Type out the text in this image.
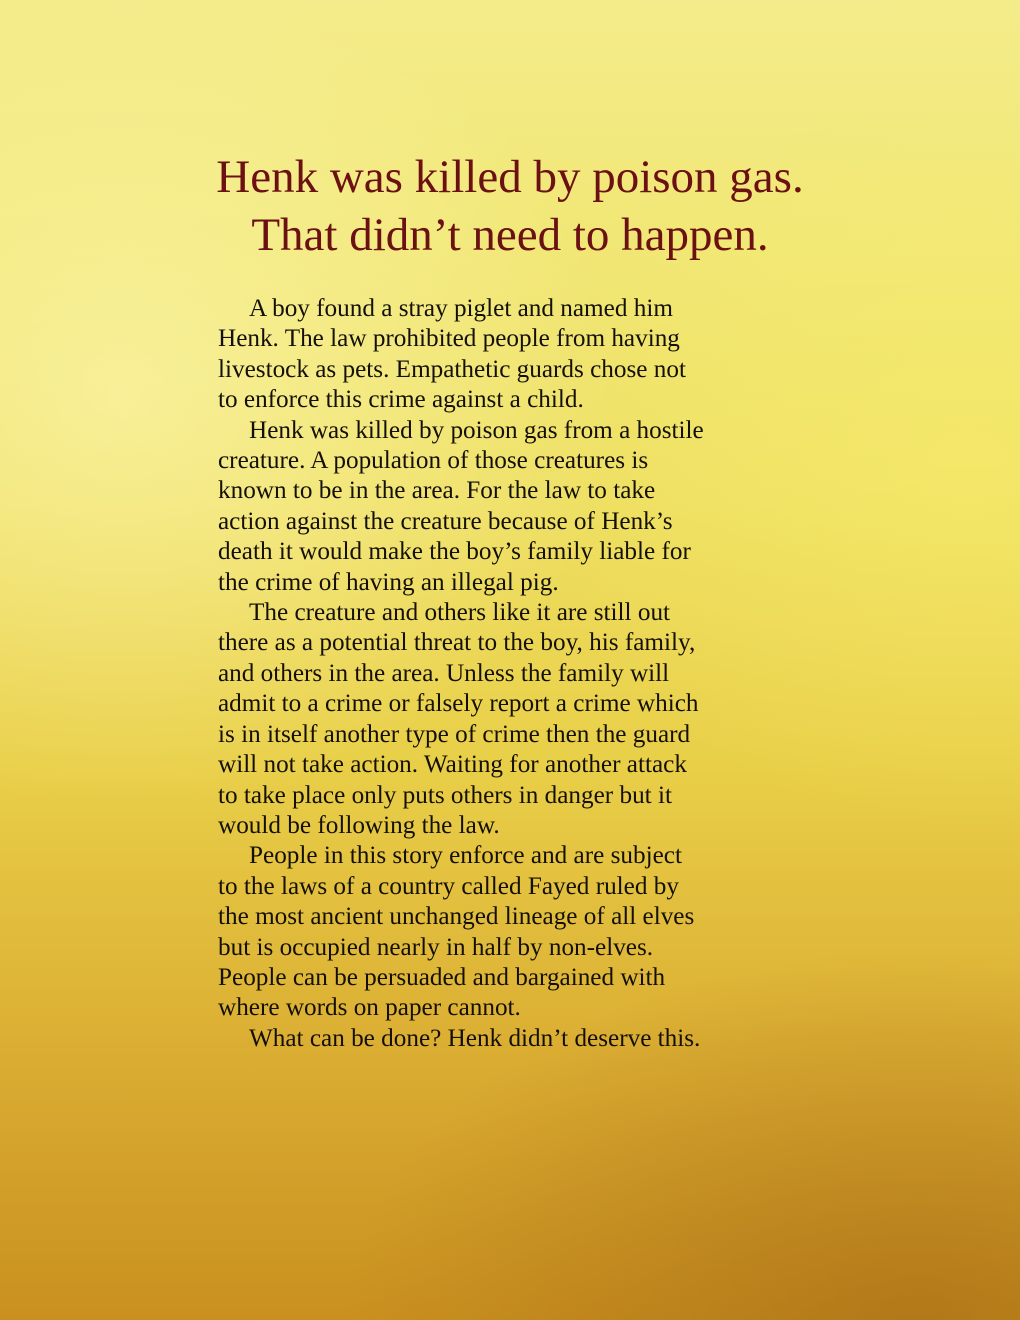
Henk was killed by poison gas.
That didn’t need to happen.
A boy found a stray piglet and named him
Henk. The law prohibited people from having
livestock as pets. Empathetic guards chose not
to enforce this crime against a child.
Henk was killed by poison gas from a hostile
creature. A population of those creatures is
known to be in the area. For the law to take
action against the creature because of Henk’s
death it would make the boy’s family liable for
the crime of having an illegal pig.
The creature and others like it are still out
there as a potential threat to the boy, his family,
and others in the area. Unless the family will
admit to a crime or falsely report a crime which
is in itself another type of crime then the guard
will not take action. Waiting for another attack
to take place only puts others in danger but it
would be following the law.
People in this story enforce and are subject
to the laws of a country called Fayed ruled by
the most ancient unchanged lineage of all elves
but is occupied nearly in half by non-elves.
People can be persuaded and bargained with
where words on paper cannot.
What can be done? Henk didn’t deserve this.
